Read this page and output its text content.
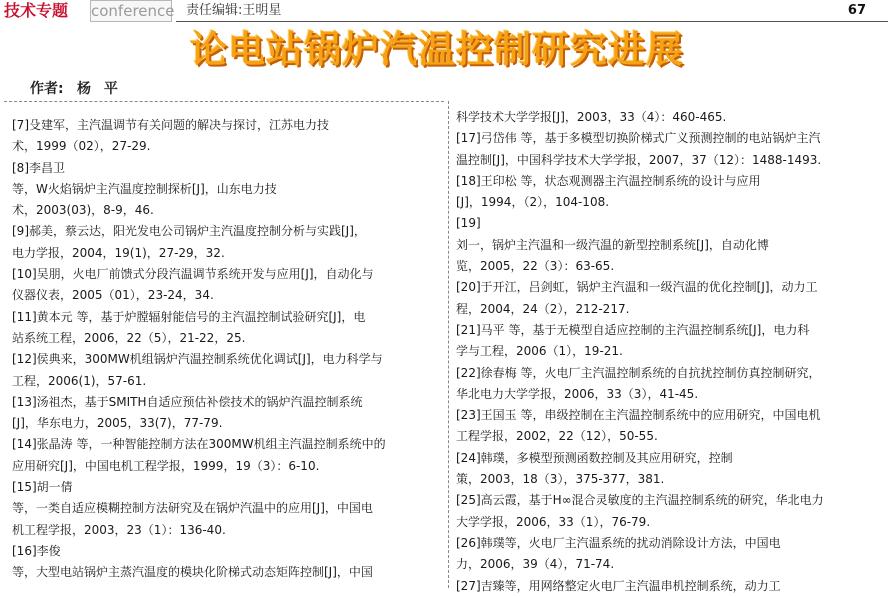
技术专题 conference 责任编辑:王明星	67
论电站锅炉汽温控制研究进展
作者: 杨 平

[7]殳建军，主汽温调节有关问题的解决与探讨，江苏电力技

术，1999（02），27-29.

[8]李昌卫

等，W火焰锅炉主汽温度控制探析[J]，山东电力技

术，2003(03)，8-9，46.

[9]郝美，蔡云达，阳光发电公司锅炉主汽温度控制分析与实践[J]，

电力学报，2004，19(1)，27-29，32.

[10]吴朋，火电厂前馈式分段汽温调节系统开发与应用[J]，自动化与

仪器仪表，2005（01），23-24，34.

[11]黄本元 等，基于炉膛辐射能信号的主汽温控制试验研究[J]，电

站系统工程，2006，22（5），21-22，25.

[12]侯典来，300MW机组锅炉汽温控制系统优化调试[J]，电力科学与

工程，2006(1)，57-61.

[13]汤祖杰，基于SMITH自适应预估补偿技术的锅炉汽温控制系统

[J]，华东电力，2005，33(7)，77-79.

[14]张晶涛 等，一种智能控制方法在300MW机组主汽温控制系统中的

应用研究[J]，中国电机工程学报，1999，19（3）：6-10.

[15]胡一倩

等，一类自适应模糊控制方法研究及在锅炉汽温中的应用[J]，中国电

机工程学报，2003，23（1）：136-40.

[16]李俊

等，大型电站锅炉主蒸汽温度的模块化阶梯式动态矩阵控制[J]，中国

科学技术大学学报[J]，2003，33（4）：460-465.

[17]弓岱伟 等，基于多模型切换阶梯式广义预测控制的电站锅炉主汽

温控制[J]，中国科学技术大学学报，2007，37（12）：1488-1493.

[18]王印松 等，状态观测器主汽温控制系统的设计与应用

[J]，1994，（2），104-108.

[19]

刘一，锅炉主汽温和一级汽温的新型控制系统[J]，自动化博

览，2005，22（3）：63-65.

[20]于开江，吕剑虹，锅炉主汽温和一级汽温的优化控制[J]，动力工

程，2004，24（2），212-217.

[21]马平 等，基于无模型自适应控制的主汽温控制系统[J]，电力科

学与工程，2006（1），19-21.

[22]徐春梅 等，火电厂主汽温控制系统的自抗扰控制仿真控制研究，

华北电力大学学报，2006，33（3），41-45.

[23]王国玉 等，串级控制在主汽温控制系统中的应用研究，中国电机

工程学报，2002，22（12），50-55.

[24]韩璞，多模型预测函数控制及其应用研究，控制

策，2003，18（3），375-377，381.

[25]高云霞，基于H∞混合灵敏度的主汽温控制系统的研究，华北电力

大学学报，2006，33（1），76-79.

[26]韩璞等，火电厂主汽温系统的扰动消除设计方法，中国电

力，2006，39（4），71-74.

[27]吉臻等，用网络整定火电厂主汽温串机控制系统，动力工
